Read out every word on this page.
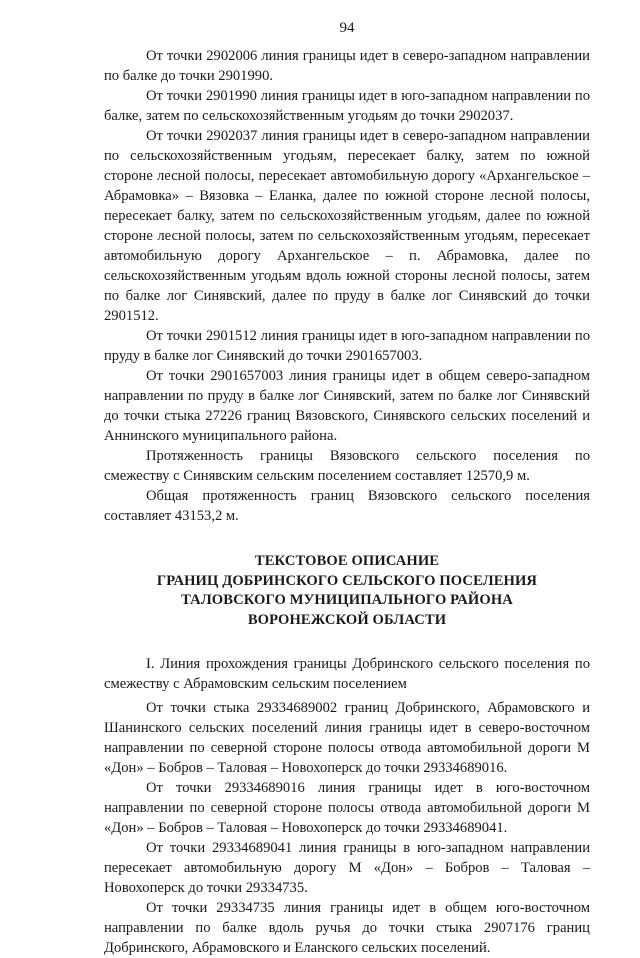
94

От точки 2902006 линия границы идет в северо-западном направлении по балке до точки 2901990.

От точки 2901990 линия границы идет в юго-западном направлении по балке, затем по сельскохозяйственным угодьям до точки 2902037.

От точки 2902037 линия границы идет в северо-западном направлении по сельскохозяйственным угодьям, пересекает балку, затем по южной стороне лесной полосы, пересекает автомобильную дорогу «Архангельское – Абрамовка» – Вязовка – Еланка, далее по южной стороне лесной полосы, пересекает балку, затем по сельскохозяйственным угодьям, далее по южной стороне лесной полосы, затем по сельскохозяйственным угодьям, пересекает автомобильную дорогу Архангельское – п. Абрамовка, далее по сельскохозяйственным угодьям вдоль южной стороны лесной полосы, затем по балке лог Синявский, далее по пруду в балке лог Синявский до точки 2901512.

От точки 2901512 линия границы идет в юго-западном направлении по пруду в балке лог Синявский до точки 2901657003.

От точки 2901657003 линия границы идет в общем северо-западном направлении по пруду в балке лог Синявский, затем по балке лог Синявский до точки стыка 27226 границ Вязовского, Синявского сельских поселений и Аннинского муниципального района.

Протяженность границы Вязовского сельского поселения по смежеству с Синявским сельским поселением составляет 12570,9 м.

Общая протяженность границ Вязовского сельского поселения составляет 43153,2 м.

ТЕКСТОВОЕ ОПИСАНИЕ
ГРАНИЦ ДОБРИНСКОГО СЕЛЬСКОГО ПОСЕЛЕНИЯ
ТАЛОВСКОГО МУНИЦИПАЛЬНОГО РАЙОНА
ВОРОНЕЖСКОЙ ОБЛАСТИ

I. Линия прохождения границы Добринского сельского поселения по смежеству с Абрамовским сельским поселением

От точки стыка 29334689002 границ Добринского, Абрамовского и Шанинского сельских поселений линия границы идет в северо-восточном направлении по северной стороне полосы отвода автомобильной дороги М «Дон» – Бобров – Таловая – Новохоперск до точки 29334689016.

От точки 29334689016 линия границы идет в юго-восточном направлении по северной стороне полосы отвода автомобильной дороги М «Дон» – Бобров – Таловая – Новохоперск до точки 29334689041.

От точки 29334689041 линия границы в юго-западном направлении пересекает автомобильную дорогу М «Дон» – Бобров – Таловая – Новохоперск до точки 29334735.

От точки 29334735 линия границы идет в общем юго-восточном направлении по балке вдоль ручья до точки стыка 2907176 границ Добринского, Абрамовского и Еланского сельских поселений.
